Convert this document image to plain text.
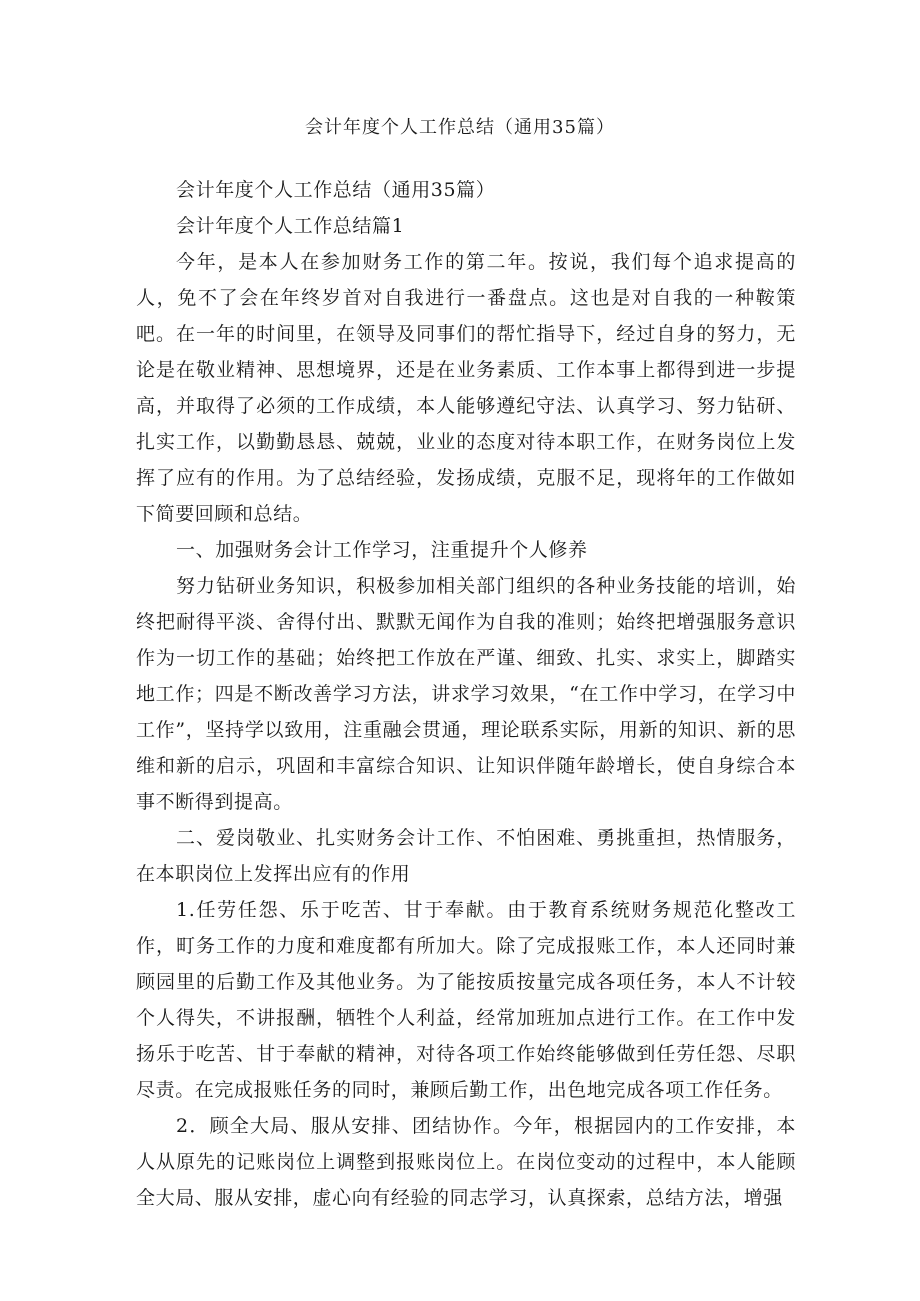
会计年度个人工作总结（通用35篇）

会计年度个人工作总结（通用35篇）

会计年度个人工作总结篇1

今年，是本人在参加财务工作的第二年。按说，我们每个追求提高的人，免不了会在年终岁首对自我进行一番盘点。这也是对自我的一种鞍策吧。在一年的时间里，在领导及同事们的帮忙指导下，经过自身的努力，无论是在敬业精神、思想境界，还是在业务素质、工作本事上都得到进一步提高，并取得了必须的工作成绩，本人能够遵纪守法、认真学习、努力钻研、扎实工作，以勤勤恳恳、兢兢，业业的态度对待本职工作，在财务岗位上发挥了应有的作用。为了总结经验，发扬成绩，克服不足，现将年的工作做如下简要回顾和总结。

一、加强财务会计工作学习，注重提升个人修养

努力钻研业务知识，积极参加相关部门组织的各种业务技能的培训，始终把耐得平淡、舍得付出、默默无闻作为自我的准则；始终把增强服务意识作为一切工作的基础；始终把工作放在严谨、细致、扎实、求实上，脚踏实地工作；四是不断改善学习方法，讲求学习效果，“在工作中学习，在学习中工作”，坚持学以致用，注重融会贯通，理论联系实际，用新的知识、新的思维和新的启示，巩固和丰富综合知识、让知识伴随年龄增长，使自身综合本事不断得到提高。

二、爱岗敬业、扎实财务会计工作、不怕困难、勇挑重担，热情服务，在本职岗位上发挥出应有的作用

1.任劳任怨、乐于吃苦、甘于奉献。由于教育系统财务规范化整改工作，町务工作的力度和难度都有所加大。除了完成报账工作，本人还同时兼顾园里的后勤工作及其他业务。为了能按质按量完成各项任务，本人不计较个人得失，不讲报酬，牺牲个人利益，经常加班加点进行工作。在工作中发扬乐于吃苦、甘于奉献的精神，对待各项工作始终能够做到任劳任怨、尽职尽责。在完成报账任务的同时，兼顾后勤工作，出色地完成各项工作任务。

2．顾全大局、服从安排、团结协作。今年，根据园内的工作安排，本人从原先的记账岗位上调整到报账岗位上。在岗位变动的过程中，本人能顾全大局、服从安排，虚心向有经验的同志学习，认真探索，总结方法，增强
